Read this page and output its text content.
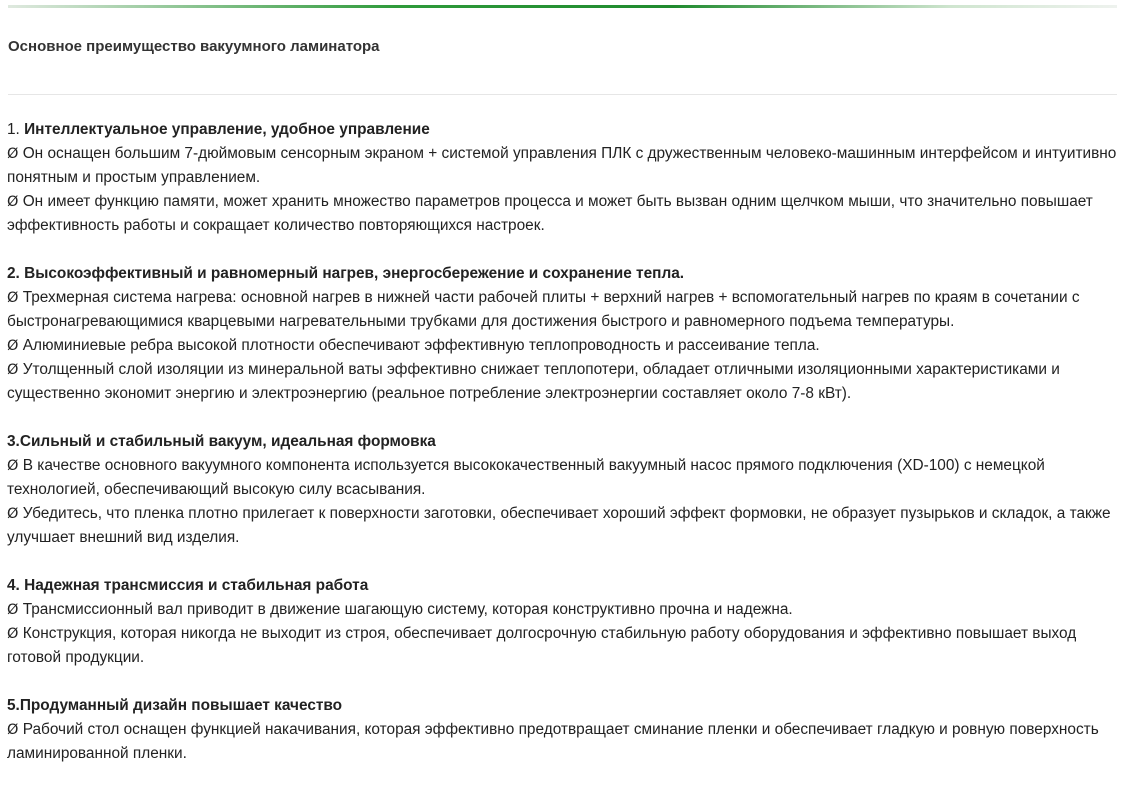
Основное преимущество вакуумного ламинатора
1. Интеллектуальное управление, удобное управление
Ø Он оснащен большим 7-дюймовым сенсорным экраном + системой управления ПЛК с дружественным человеко-машинным интерфейсом и интуитивно понятным и простым управлением.
Ø Он имеет функцию памяти, может хранить множество параметров процесса и может быть вызван одним щелчком мыши, что значительно повышает эффективность работы и сокращает количество повторяющихся настроек.
2. Высокоэффективный и равномерный нагрев, энергосбережение и сохранение тепла.
Ø Трехмерная система нагрева: основной нагрев в нижней части рабочей плиты + верхний нагрев + вспомогательный нагрев по краям в сочетании с быстронагревающимися кварцевыми нагревательными трубками для достижения быстрого и равномерного подъема температуры.
Ø Алюминиевые ребра высокой плотности обеспечивают эффективную теплопроводность и рассеивание тепла.
Ø Утолщенный слой изоляции из минеральной ваты эффективно снижает теплопотери, обладает отличными изоляционными характеристиками и существенно экономит энергию и электроэнергию (реальное потребление электроэнергии составляет около 7-8 кВт).
3.Сильный и стабильный вакуум, идеальная формовка
Ø В качестве основного вакуумного компонента используется высококачественный вакуумный насос прямого подключения (XD-100) с немецкой технологией, обеспечивающий высокую силу всасывания.
Ø Убедитесь, что пленка плотно прилегает к поверхности заготовки, обеспечивает хороший эффект формовки, не образует пузырьков и складок, а также улучшает внешний вид изделия.
4. Надежная трансмиссия и стабильная работа
Ø Трансмиссионный вал приводит в движение шагающую систему, которая конструктивно прочна и надежна.
Ø Конструкция, которая никогда не выходит из строя, обеспечивает долгосрочную стабильную работу оборудования и эффективно повышает выход готовой продукции.
5.Продуманный дизайн повышает качество
Ø Рабочий стол оснащен функцией накачивания, которая эффективно предотвращает сминание пленки и обеспечивает гладкую и ровную поверхность ламинированной пленки.
